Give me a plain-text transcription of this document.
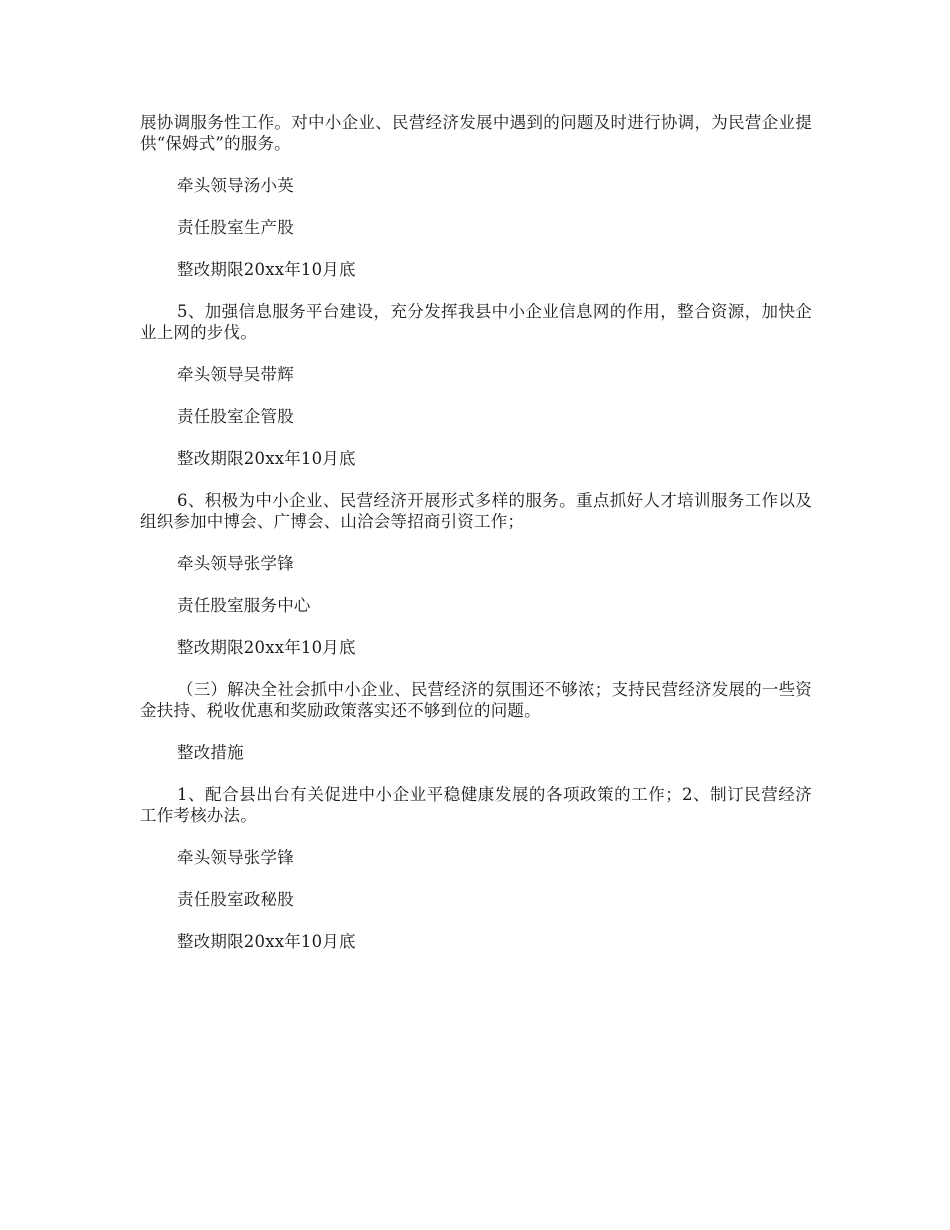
展协调服务性工作。对中小企业、民营经济发展中遇到的问题及时进行协调，为民营企业提供“保姆式”的服务。

牵头领导汤小英

责任股室生产股

整改期限20xx年10月底

5、加强信息服务平台建设，充分发挥我县中小企业信息网的作用，整合资源，加快企业上网的步伐。

牵头领导吴带辉

责任股室企管股

整改期限20xx年10月底

6、积极为中小企业、民营经济开展形式多样的服务。重点抓好人才培训服务工作以及组织参加中博会、广博会、山洽会等招商引资工作；

牵头领导张学锋

责任股室服务中心

整改期限20xx年10月底

（三）解决全社会抓中小企业、民营经济的氛围还不够浓；支持民营经济发展的一些资金扶持、税收优惠和奖励政策落实还不够到位的问题。

整改措施

1、配合县出台有关促进中小企业平稳健康发展的各项政策的工作；2、制订民营经济工作考核办法。

牵头领导张学锋

责任股室政秘股

整改期限20xx年10月底
